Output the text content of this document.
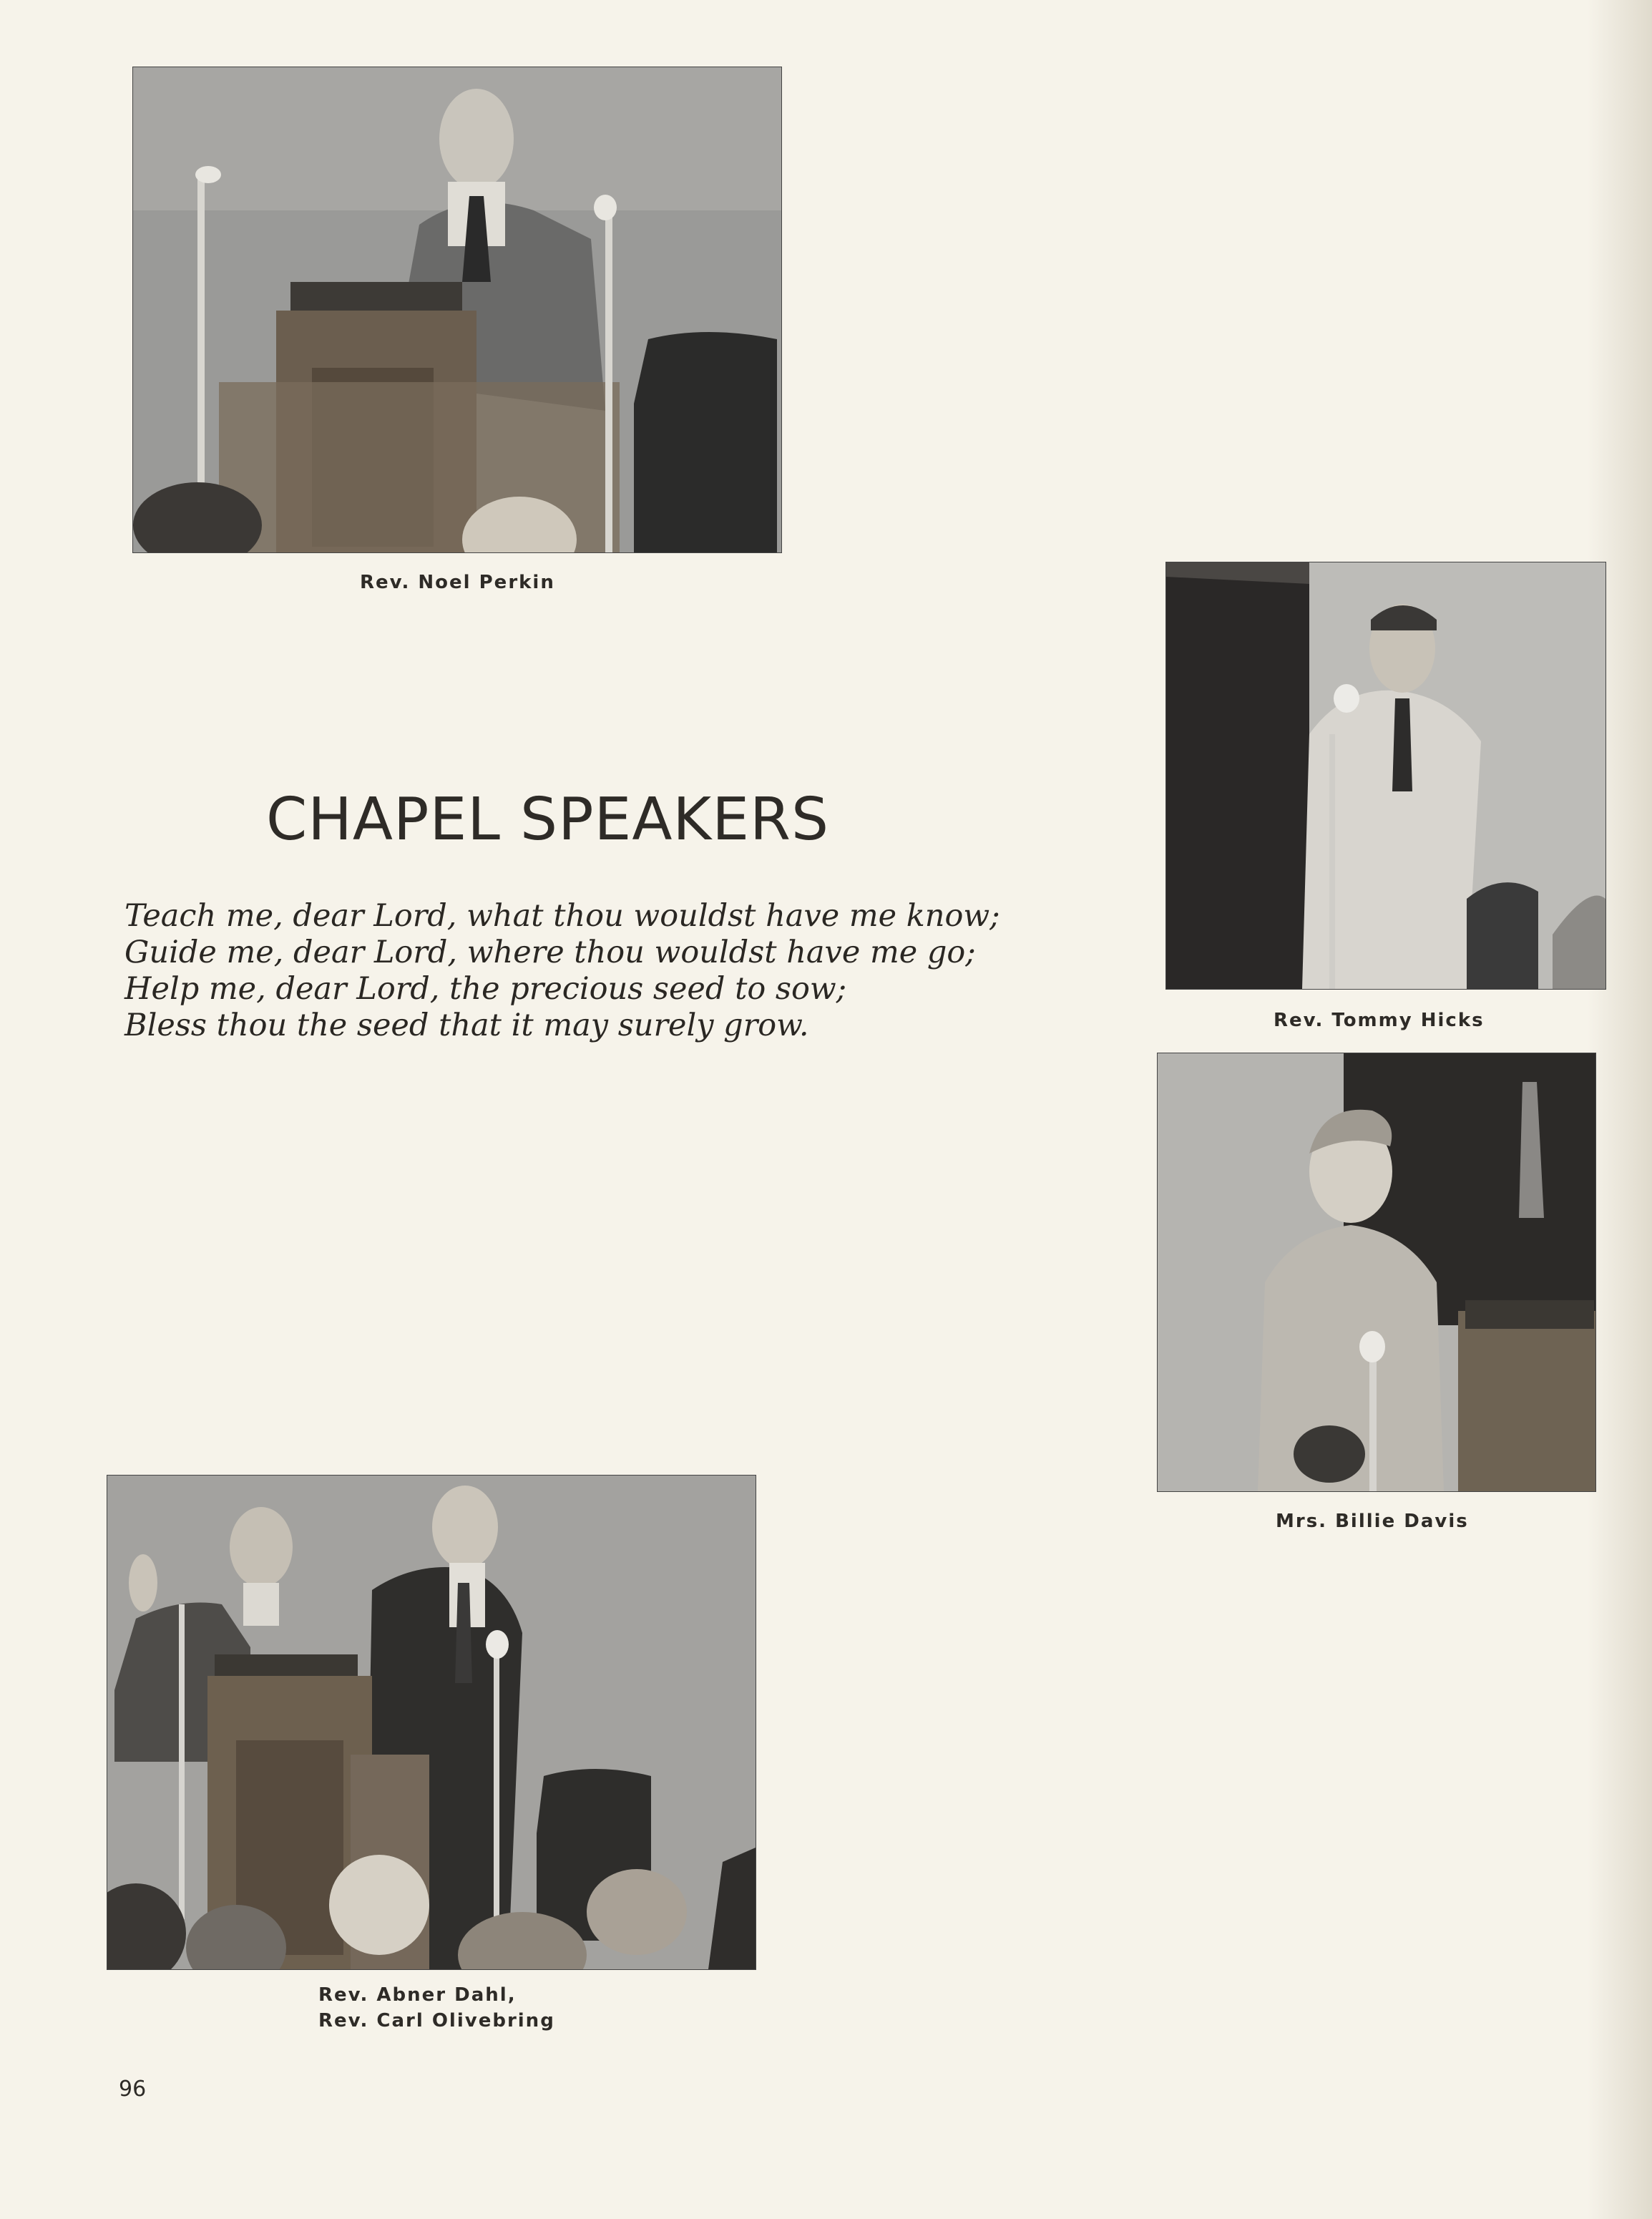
Rev. Noel Perkin
Rev. Tommy Hicks
Mrs. Billie Davis
Rev. Abner Dahl,
Rev. Carl Olivebring
CHAPEL SPEAKERS
Teach me, dear Lord, what thou wouldst have me know;
Guide me, dear Lord, where thou wouldst have me go;
Help me, dear Lord, the precious seed to sow;
Bless thou the seed that it may surely grow.
96
